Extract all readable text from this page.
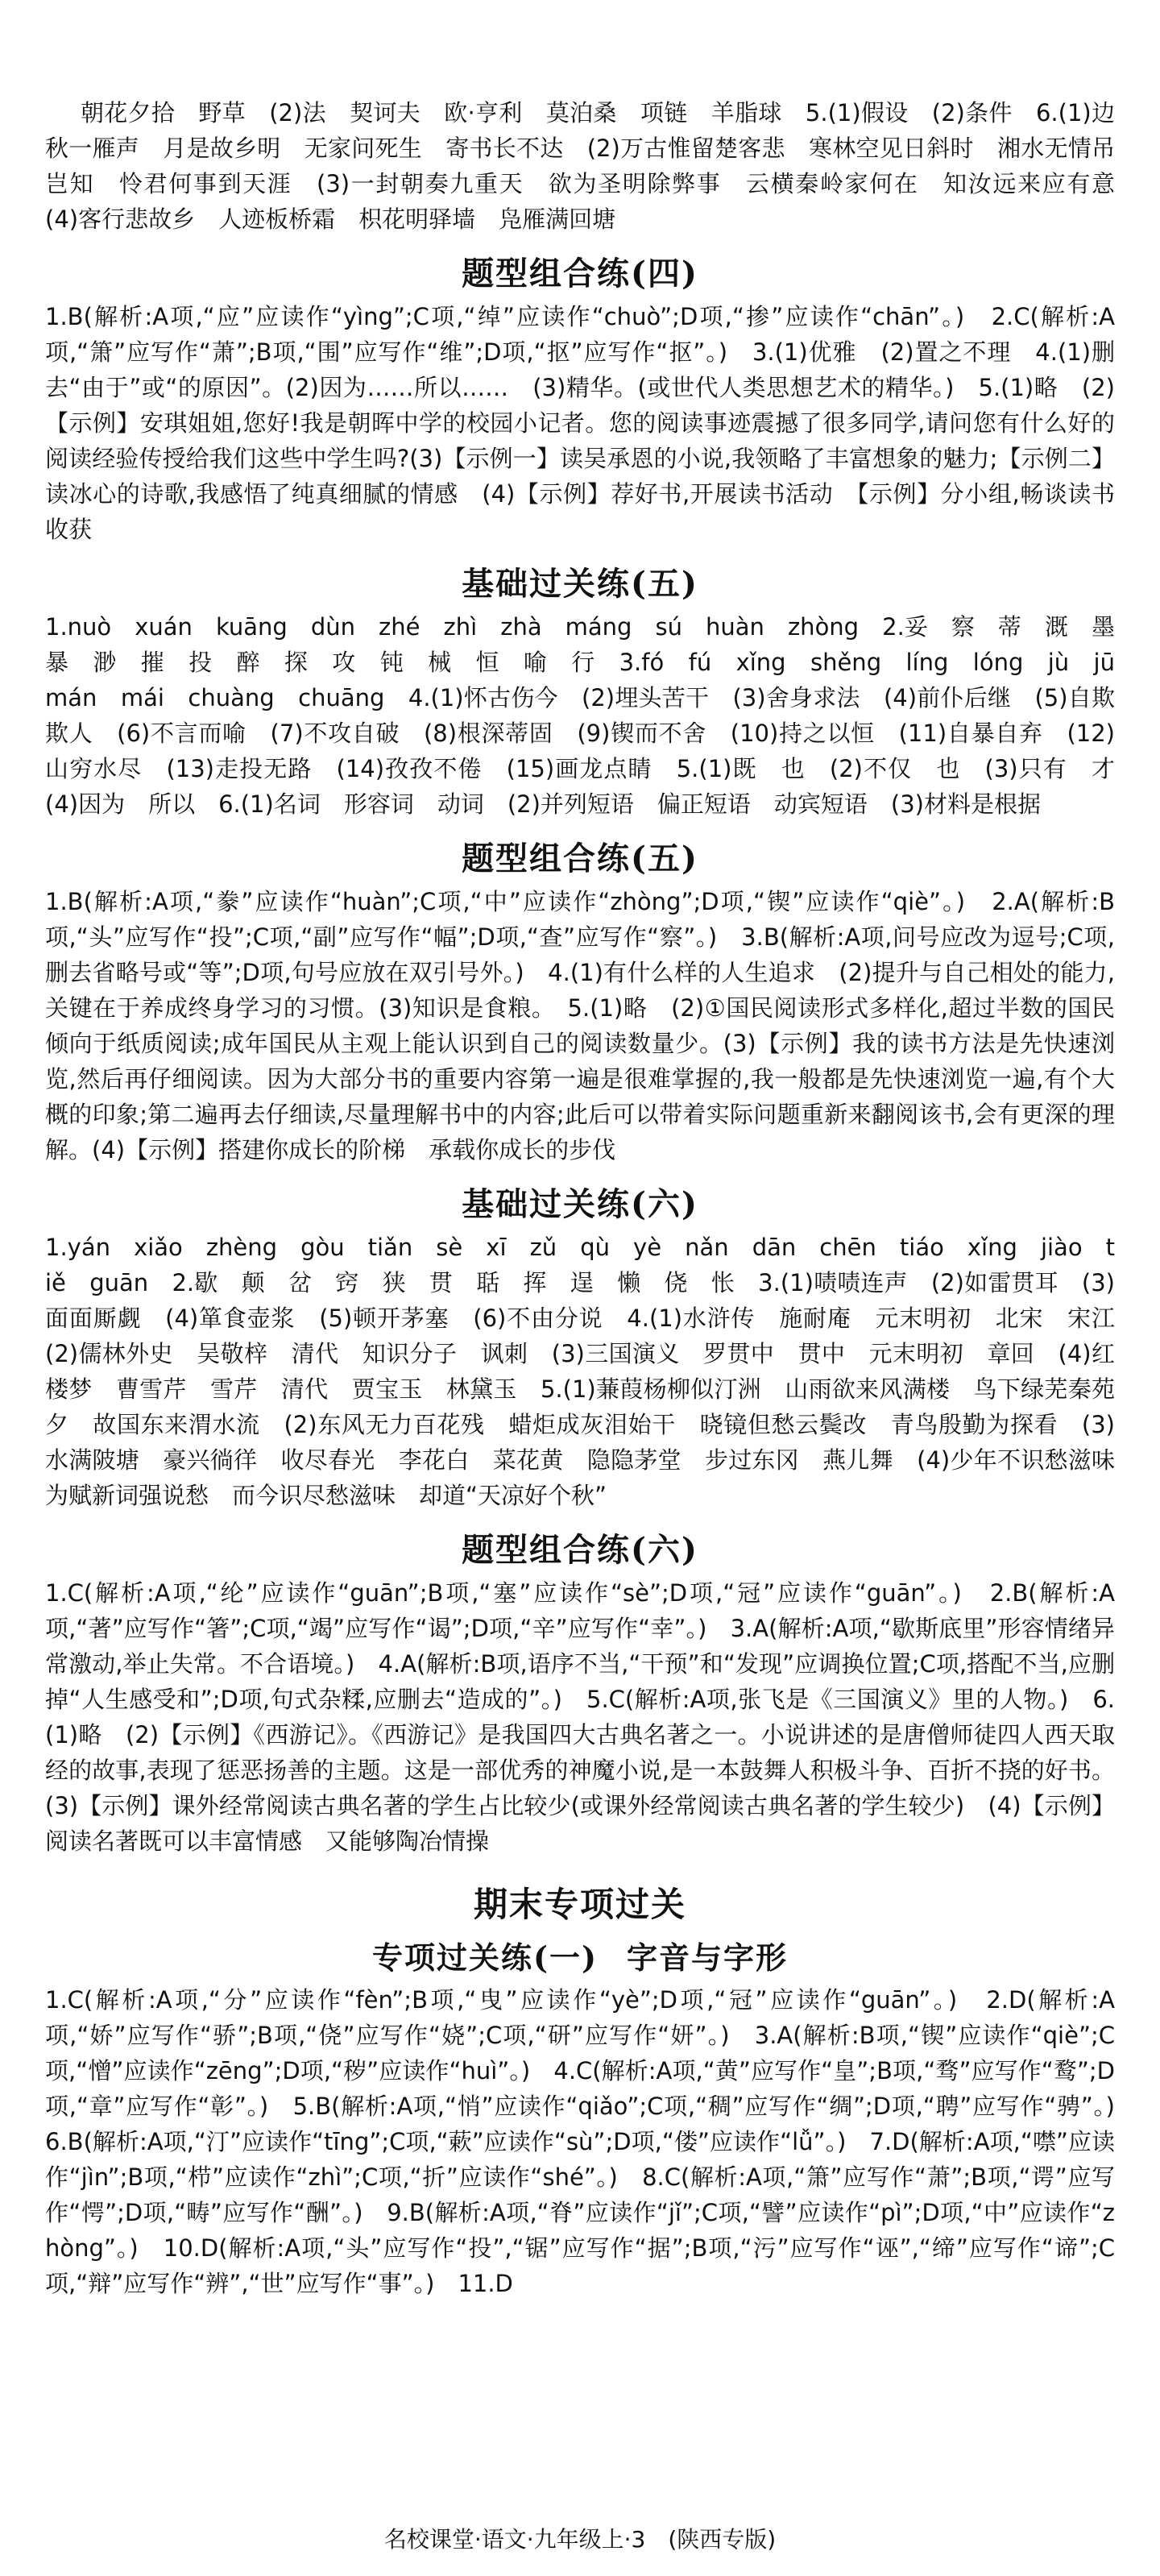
朝花夕拾　野草　(2)法　契诃夫　欧·亨利　莫泊桑　项链　羊脂球　5.(1)假设　(2)条件　6.(1)边秋一雁声　月是故乡明　无家问死生　寄书长不达　(2)万古惟留楚客悲　寒林空见日斜时　湘水无情吊岂知　怜君何事到天涯　(3)一封朝奏九重天　欲为圣明除弊事　云横秦岭家何在　知汝远来应有意　(4)客行悲故乡　人迹板桥霜　枳花明驿墙　凫雁满回塘

题型组合练(四)

1.B(解析:A项,“应”应读作“yìng”;C项,“绰”应读作“chuò”;D项,“掺”应读作“chān”。)　2.C(解析:A项,“箫”应写作“萧”;B项,“围”应写作“维”;D项,“抠”应写作“抠”。)　3.(1)优雅　(2)置之不理　4.(1)删去“由于”或“的原因”。(2)因为……所以……　(3)精华。(或世代人类思想艺术的精华。)　5.(1)略　(2)【示例】安琪姐姐,您好!我是朝晖中学的校园小记者。您的阅读事迹震撼了很多同学,请问您有什么好的阅读经验传授给我们这些中学生吗?(3)【示例一】读吴承恩的小说,我领略了丰富想象的魅力;【示例二】读冰心的诗歌,我感悟了纯真细腻的情感　(4)【示例】荐好书,开展读书活动　【示例】分小组,畅谈读书收获

基础过关练(五)

1.nuò　xuán　kuāng　dùn　zhé　zhì　zhà　máng　sú　huàn　zhòng　2.妥　察　蒂　溉　墨　暴　渺　摧　投　醉　探　攻　钝　械　恒　喻　行　3.fó　fú　xǐng　shěng　líng　lóng　jù　jū　mán　mái　chuàng　chuāng　4.(1)怀古伤今　(2)埋头苦干　(3)舍身求法　(4)前仆后继　(5)自欺欺人　(6)不言而喻　(7)不攻自破　(8)根深蒂固　(9)锲而不舍　(10)持之以恒　(11)自暴自弃　(12)山穷水尽　(13)走投无路　(14)孜孜不倦　(15)画龙点睛　5.(1)既　也　(2)不仅　也　(3)只有　才　(4)因为　所以　6.(1)名词　形容词　动词　(2)并列短语　偏正短语　动宾短语　(3)材料是根据

题型组合练(五)

1.B(解析:A项,“豢”应读作“huàn”;C项,“中”应读作“zhòng”;D项,“锲”应读作“qiè”。)　2.A(解析:B项,“头”应写作“投”;C项,“副”应写作“幅”;D项,“查”应写作“察”。)　3.B(解析:A项,问号应改为逗号;C项,删去省略号或“等”;D项,句号应放在双引号外。)　4.(1)有什么样的人生追求　(2)提升与自己相处的能力,关键在于养成终身学习的习惯。(3)知识是食粮。　5.(1)略　(2)①国民阅读形式多样化,超过半数的国民倾向于纸质阅读;成年国民从主观上能认识到自己的阅读数量少。(3)【示例】我的读书方法是先快速浏览,然后再仔细阅读。因为大部分书的重要内容第一遍是很难掌握的,我一般都是先快速浏览一遍,有个大概的印象;第二遍再去仔细读,尽量理解书中的内容;此后可以带着实际问题重新来翻阅该书,会有更深的理解。(4)【示例】搭建你成长的阶梯　承载你成长的步伐

基础过关练(六)

1.yán　xiǎo　zhèng　gòu　tiǎn　sè　xī　zǔ　qù　yè　nǎn　dān　chēn　tiáo　xǐng　jiào　tiě　guān　2.歇　颠　岔　窍　狭　贯　聒　挥　逞　懒　侥　怅　3.(1)啧啧连声　(2)如雷贯耳　(3)面面厮觑　(4)箪食壶浆　(5)顿开茅塞　(6)不由分说　4.(1)水浒传　施耐庵　元末明初　北宋　宋江　(2)儒林外史　吴敬梓　清代　知识分子　讽刺　(3)三国演义　罗贯中　贯中　元末明初　章回　(4)红楼梦　曹雪芹　雪芹　清代　贾宝玉　林黛玉　5.(1)蒹葭杨柳似汀洲　山雨欲来风满楼　鸟下绿芜秦苑夕　故国东来渭水流　(2)东风无力百花残　蜡炬成灰泪始干　晓镜但愁云鬓改　青鸟殷勤为探看　(3)水满陂塘　豪兴徜徉　收尽春光　李花白　菜花黄　隐隐茅堂　步过东冈　燕儿舞　(4)少年不识愁滋味　为赋新词强说愁　而今识尽愁滋味　却道“天凉好个秋”

题型组合练(六)

1.C(解析:A项,“纶”应读作“guān”;B项,“塞”应读作“sè”;D项,“冠”应读作“guān”。)　2.B(解析:A项,“著”应写作“箸”;C项,“竭”应写作“谒”;D项,“辛”应写作“幸”。)　3.A(解析:A项,“歇斯底里”形容情绪异常激动,举止失常。不合语境。)　4.A(解析:B项,语序不当,“干预”和“发现”应调换位置;C项,搭配不当,应删掉“人生感受和”;D项,句式杂糅,应删去“造成的”。)　5.C(解析:A项,张飞是《三国演义》里的人物。)　6.(1)略　(2)【示例】《西游记》。《西游记》是我国四大古典名著之一。小说讲述的是唐僧师徒四人西天取经的故事,表现了惩恶扬善的主题。这是一部优秀的神魔小说,是一本鼓舞人积极斗争、百折不挠的好书。(3)【示例】课外经常阅读古典名著的学生占比较少(或课外经常阅读古典名著的学生较少)　(4)【示例】阅读名著既可以丰富情感　又能够陶冶情操

期末专项过关
专项过关练(一) 字音与字形

1.C(解析:A项,“分”应读作“fèn”;B项,“曳”应读作“yè”;D项,“冠”应读作“guān”。)　2.D(解析:A项,“娇”应写作“骄”;B项,“侥”应写作“娆”;C项,“研”应写作“妍”。)　3.A(解析:B项,“锲”应读作“qiè”;C项,“憎”应读作“zēng”;D项,“秽”应读作“huì”。)　4.C(解析:A项,“黄”应写作“皇”;B项,“骛”应写作“鹜”;D项,“章”应写作“彰”。)　5.B(解析:A项,“悄”应读作“qiǎo”;C项,“稠”应写作“绸”;D项,“聘”应写作“骋”。)　6.B(解析:A项,“汀”应读作“tīng”;C项,“蔌”应读作“sù”;D项,“偻”应读作“lǚ”。)　7.D(解析:A项,“噤”应读作“jìn”;B项,“栉”应读作“zhì”;C项,“折”应读作“shé”。)　8.C(解析:A项,“箫”应写作“萧”;B项,“谔”应写作“愕”;D项,“畴”应写作“酬”。)　9.B(解析:A项,“脊”应读作“jǐ”;C项,“譬”应读作“pì”;D项,“中”应读作“zhòng”。)　10.D(解析:A项,“头”应写作“投”,“锯”应写作“据”;B项,“污”应写作“诬”,“缔”应写作“谛”;C项,“辩”应写作“辨”,“世”应写作“事”。)　11.D

名校课堂·语文·九年级上·3　(陕西专版)
